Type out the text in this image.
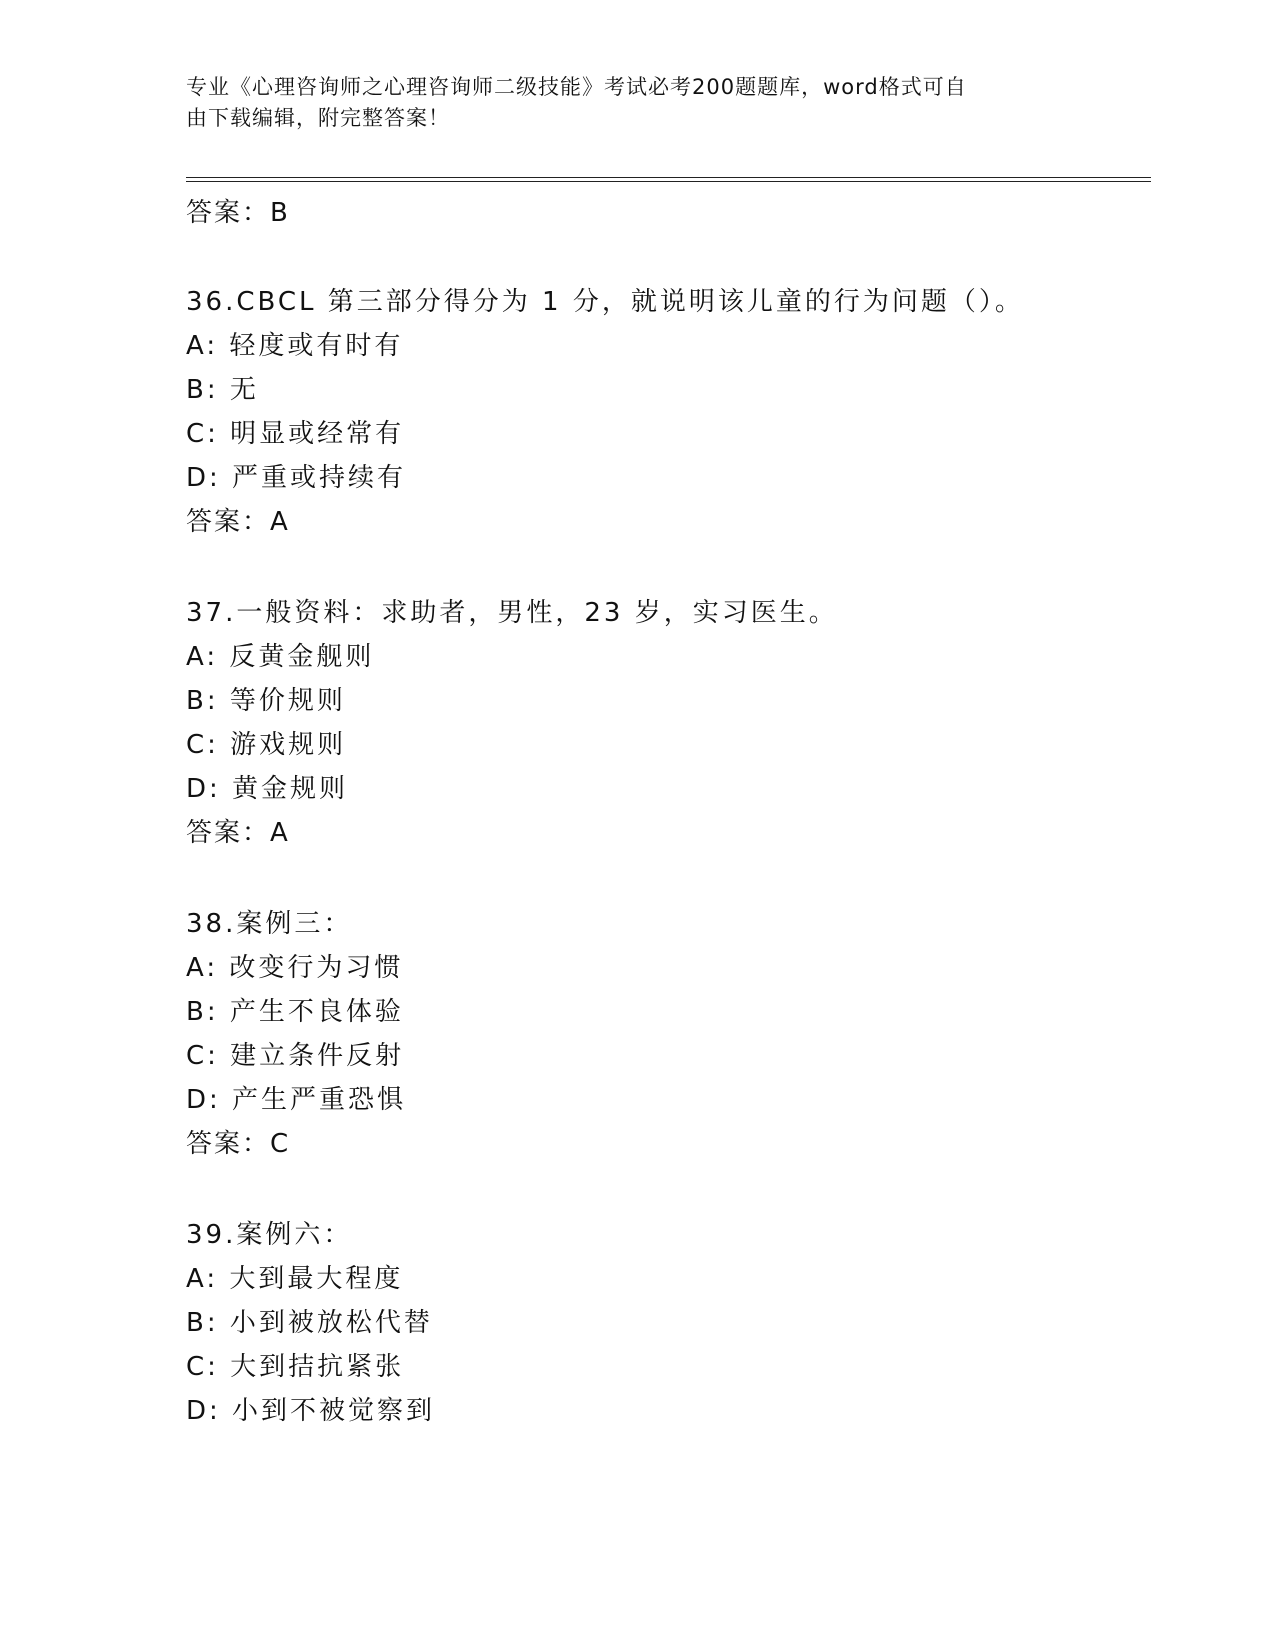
专业《心理咨询师之心理咨询师二级技能》考试必考200题题库，word格式可自
由下载编辑，附完整答案！
答案：B
36.CBCL 第三部分得分为 1 分，就说明该儿童的行为问题（）。
A: 轻度或有时有
B: 无
C: 明显或经常有
D: 严重或持续有
答案：A
37.一般资料：求助者，男性，23 岁，实习医生。
A: 反黄金舰则
B: 等价规则
C: 游戏规则
D: 黄金规则
答案：A
38.案例三：
A: 改变行为习惯
B: 产生不良体验
C: 建立条件反射
D: 产生严重恐惧
答案：C
39.案例六：
A: 大到最大程度
B: 小到被放松代替
C: 大到拮抗紧张
D: 小到不被觉察到
